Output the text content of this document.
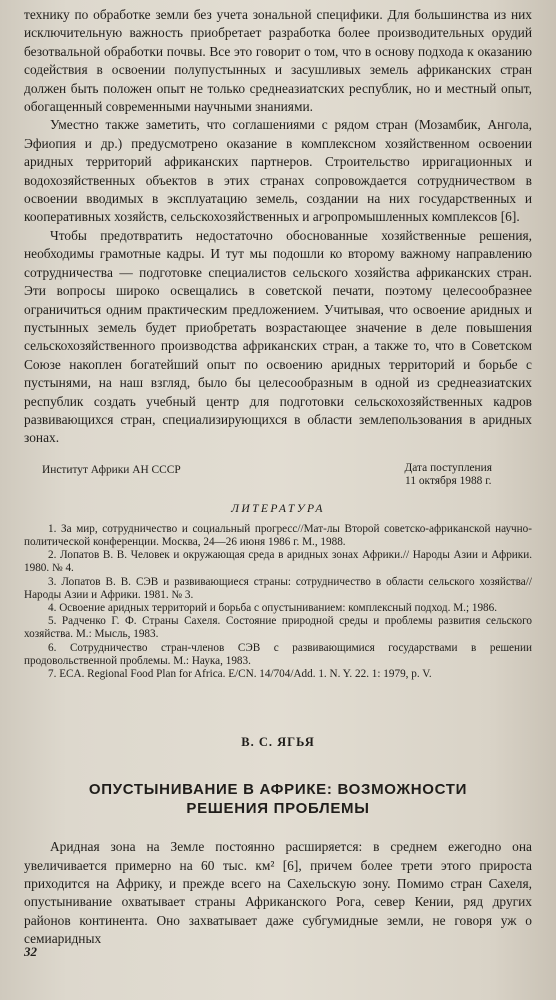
технику по обработке земли без учета зональной специфики. Для большинства из них исключительную важность приобретает разработка более производительных орудий безотвальной обработки почвы. Все это говорит о том, что в основу подхода к оказанию содействия в освоении полупустынных и засушливых земель африканских стран должен быть положен опыт не только среднеазиатских республик, но и местный опыт, обогащенный современными научными знаниями.

Уместно также заметить, что соглашениями с рядом стран (Мозамбик, Ангола, Эфиопия и др.) предусмотрено оказание в комплексном хозяйственном освоении аридных территорий африканских партнеров. Строительство ирригационных и водохозяйственных объектов в этих странах сопровождается сотрудничеством в освоении вводимых в эксплуатацию земель, создании на них государственных и кооперативных хозяйств, сельскохозяйственных и агропромышленных комплексов [6].

Чтобы предотвратить недостаточно обоснованные хозяйственные решения, необходимы грамотные кадры. И тут мы подошли ко второму важному направлению сотрудничества — подготовке специалистов сельского хозяйства африканских стран. Эти вопросы широко освещались в советской печати, поэтому целесообразнее ограничиться одним практическим предложением. Учитывая, что освоение аридных и пустынных земель будет приобретать возрастающее значение в деле повышения сельскохозяйственного производства африканских стран, а также то, что в Советском Союзе накоплен богатейший опыт по освоению аридных территорий и борьбе с пустынями, на наш взгляд, было бы целесообразным в одной из среднеазиатских республик создать учебный центр для подготовки сельскохозяйственных кадров развивающихся стран, специализирующихся в области землепользования в аридных зонах.

Институт Африки АН СССР	Дата поступления
11 октября 1988 г.
ЛИТЕРАТУРА

1. За мир, сотрудничество и социальный прогресс//Мат-лы Второй советско-африканской научно-политической конференции. Москва, 24—26 июня 1986 г. М., 1988.

2. Лопатов В. В. Человек и окружающая среда в аридных зонах Африки.// Народы Азии и Африки. 1980. № 4.

3. Лопатов В. В. СЭВ и развивающиеся страны: сотрудничество в области сельского хозяйства//Народы Азии и Африки. 1981. № 3.

4. Освоение аридных территорий и борьба с опустыниванием: комплексный подход. М.; 1986.

5. Радченко Г. Ф. Страны Сахеля. Состояние природной среды и проблемы развития сельского хозяйства. М.: Мысль, 1983.

6. Сотрудничество стран-членов СЭВ с развивающимися государствами в решении продовольственной проблемы. М.: Наука, 1983.

7. ECA. Regional Food Plan for Africa. E/CN. 14/704/Add. 1. N. Y. 22. 1: 1979, p. V.

В. С. ЯГЬЯ
ОПУСТЫНИВАНИЕ В АФРИКЕ: ВОЗМОЖНОСТИ
РЕШЕНИЯ ПРОБЛЕМЫ

Аридная зона на Земле постоянно расширяется: в среднем ежегодно она увеличивается примерно на 60 тыс. км² [6], причем более трети этого прироста приходится на Африку, и прежде всего на Сахельскую зону. Помимо стран Сахеля, опустынивание охватывает страны Африканского Рога, север Кении, ряд других районов континента. Оно захватывает даже субгумидные земли, не говоря уж о семиаридных

32
